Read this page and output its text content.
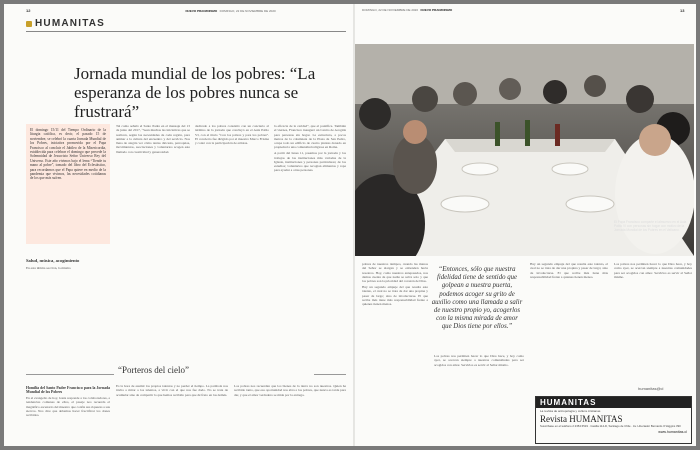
12	NUEVO PRANZNISMO DOMINGO, 22 DE NOVIEMBRE DE 2020	DOMINGO, 22 DE NOVIEMBRE DE 2020 NUEVO PRANZNISMO	13
HUMANITAS
Jornada mundial de los pobres: “La esperanza de los pobres nunca se frustrará”
El domingo 15/11 del Tiempo Ordinario de la liturgia católica, es decir, el pasado 15 de noviembre, se celebró la cuarta Jornada Mundial de los Pobres, iniciativa promovida por el Papa Francisco al concluir el Jubileo de la Misericordia, establecida para celebrar el domingo que precede la Solemnidad de Jesucristo Señor Universo Rey del Universo. Este año vivimos bajo el lema “Tiende tu mano al pobre”, tomado del libro del Eclesiástico, para recordarnos que el Papa quiere en medio de la pandemia que vivimos, las necesidades cotidianas de los que más sufren.
Salud, música, acogimiento
En esta última sección, la misma

Tal como señaló el Santo Padre en el mensaje del 13 de junio del 2017, “Sean muchas las iniciativas que se realicen, según las necesidades de cada región, para animar a la cultura del encuentro y del servicio. Nos llena de alegría ver cómo tantas diócesis, parroquias, movimientos, asociaciones y voluntarios acogen este llamado con creatividad y generosidad.

dedicado a los pobres consistió con un concierto al término de la jornada que concluyó en el Aula Pablo VI, con el título “Con los pobres y para los pobres”. El concierto fue dirigido por el maestro Marco Frisina y contó con la participación de artistas.

la eficacia de la caridad”, que el pontífice. También el viernes, Francisco inauguró un Centro de Acogida para personas sin hogar. La estructura, a pocos metros de la columnata de la Plaza de San Pedro, ocupa todo un edificio de cuatro plantas donado en propiedad a una comunidad religiosa en Roma.

A partir del lunes 11, pasamos por la jornada y los trabajos de las instituciones más variadas de la Iglesia, instituciones y personas particulares; de los estudios; voluntarios que recogían alimentos y ropa para ayudar a otras personas.

“Porteros del cielo”

Homilía del Santo Padre Francisco para la Jornada Mundial de los Pobres

En el evangelio de hoy, Jesús responde a los colaboradores, a tendencias comunes de ellos, el pasaje nos recuerda el magnífico escenario del maestro que confía sus riquezas a sus siervos. Nos dice que debemos hacer fructificar los dones recibidos.

Es la hora de asumir los propios talentos y no perder el tiempo. La parábola nos invita a mirar a los talentos, a vivir con el que nos fue dado. No se trata de acumular sino de compartir lo que hemos recibido para que dé fruto en los demás.

Los pobres nos recuerdan que los bienes de la tierra no son nuestros. Quien ha recibido tanto, que esa oportunidad nos abra a los pobres, que nunca es tarde para dar, y que el amor verdadero se mide por la entrega.

El Papa Francisco comparte el almuerzo en el Aula Pablo VI con personas sin hogar con motivo de la Jornada Mundial de los Pobres en el Vaticano.

pobres de nuestros tiempos, cuando las manos del Señor se alargan y se extienden hacia nosotros. Hoy, como nuestros antepasados, nos damos cuenta de que nadie se salva solo y que los pobres son la prioridad del corazón de Dios.

Hay un segundo empuje del que resulta este talento, el cual no se trata de dar una propina y pasar de largo; sino de involucrarse. El que recibe más tiene más responsabilidad frente a quienes tienen menos.

Los pobres nos permiten hacer lo que Dios hace, y hoy como ayer, se acercan siempre a nuestras comunidades para ser acogidos con amor. Servirlos es servir al Señor mismo.

Hay un segundo empuje del que resulta este talento, el cual no se trata de dar una propina y pasar de largo; sino de involucrarse. El que recibe más tiene más responsabilidad frente a quienes tienen menos.

Los pobres nos permiten hacer lo que Dios hace, y hoy como ayer, se acercan siempre a nuestras comunidades para ser acogidos con amor. Servirlos es servir al Señor mismo.

“Entonces, sólo que nuestra fidelidad tiene de sentido que golpean a nuestra puerta, podemos acoger su grito de auxilio como una llamada a salir de nuestro propio yo, acogerlos con la misma mirada de amor que Dios tiene por ellos.”
humanitas@cl
HUMANITAS
La revista de antropología y cultura cristianas
Revista HUMANITAS
Suscríbase en el teléfono 2 2354 6519 · Casilla 114-D, Santiago de Chile · Av. Libertador Bernardo O’Higgins 390
www.humanitas.cl
